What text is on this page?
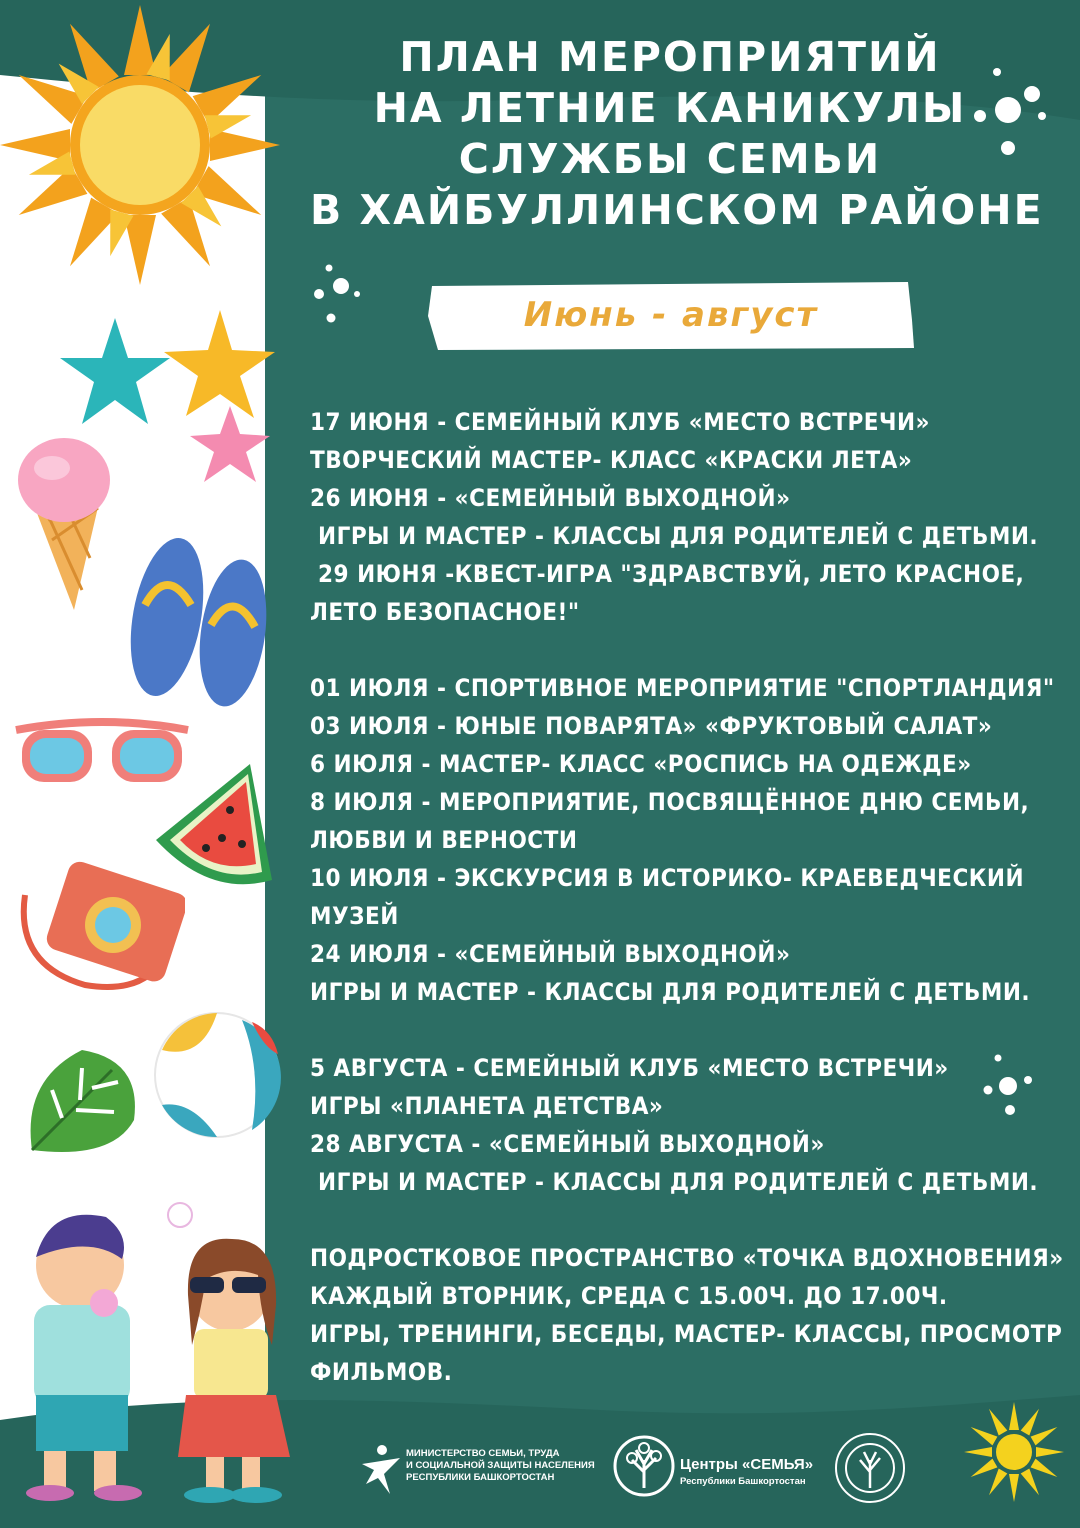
ПЛАН МЕРОПРИЯТИЙ
НА ЛЕТНИЕ КАНИКУЛЫ
СЛУЖБЫ СЕМЬИ
В ХАЙБУЛЛИНСКОМ РАЙОНЕ
Июнь - август
17 ИЮНЯ - СЕМЕЙНЫЙ КЛУБ «МЕСТО ВСТРЕЧИ»
ТВОРЧЕСКИЙ МАСТЕР- КЛАСС «КРАСКИ ЛЕТА»
26 ИЮНЯ - «СЕМЕЙНЫЙ ВЫХОДНОЙ»
ИГРЫ И МАСТЕР - КЛАССЫ ДЛЯ РОДИТЕЛЕЙ С ДЕТЬМИ.
29 ИЮНЯ -КВЕСТ-ИГРА "ЗДРАВСТВУЙ, ЛЕТО КРАСНОЕ,
ЛЕТО БЕЗОПАСНОЕ!"
01 ИЮЛЯ - СПОРТИВНОЕ МЕРОПРИЯТИЕ "СПОРТЛАНДИЯ"
03 ИЮЛЯ - ЮНЫЕ ПОВАРЯТА» «ФРУКТОВЫЙ САЛАТ»
6 ИЮЛЯ - МАСТЕР- КЛАСС «РОСПИСЬ НА ОДЕЖДЕ»
8 ИЮЛЯ - МЕРОПРИЯТИЕ, ПОСВЯЩЁННОЕ ДНЮ СЕМЬИ,
ЛЮБВИ И ВЕРНОСТИ
10 ИЮЛЯ - ЭКСКУРСИЯ В ИСТОРИКО- КРАЕВЕДЧЕСКИЙ
МУЗЕЙ
24 ИЮЛЯ - «СЕМЕЙНЫЙ ВЫХОДНОЙ»
ИГРЫ И МАСТЕР - КЛАССЫ ДЛЯ РОДИТЕЛЕЙ С ДЕТЬМИ.
5 АВГУСТА - СЕМЕЙНЫЙ КЛУБ «МЕСТО ВСТРЕЧИ»
ИГРЫ «ПЛАНЕТА ДЕТСТВА»
28 АВГУСТА - «СЕМЕЙНЫЙ ВЫХОДНОЙ»
ИГРЫ И МАСТЕР - КЛАССЫ ДЛЯ РОДИТЕЛЕЙ С ДЕТЬМИ.
ПОДРОСТКОВОЕ ПРОСТРАНСТВО «ТОЧКА ВДОХНОВЕНИЯ»
КАЖДЫЙ ВТОРНИК, СРЕДА С 15.00Ч. ДО 17.00Ч.
ИГРЫ, ТРЕНИНГИ, БЕСЕДЫ, МАСТЕР- КЛАССЫ, ПРОСМОТР
ФИЛЬМОВ.
МИНИСТЕРСТВО СЕМЬИ, ТРУДА
И СОЦИАЛЬНОЙ ЗАЩИТЫ НАСЕЛЕНИЯ
РЕСПУБЛИКИ БАШКОРТОСТАН
Центры «СЕМЬЯ»
Республики Башкортостан
